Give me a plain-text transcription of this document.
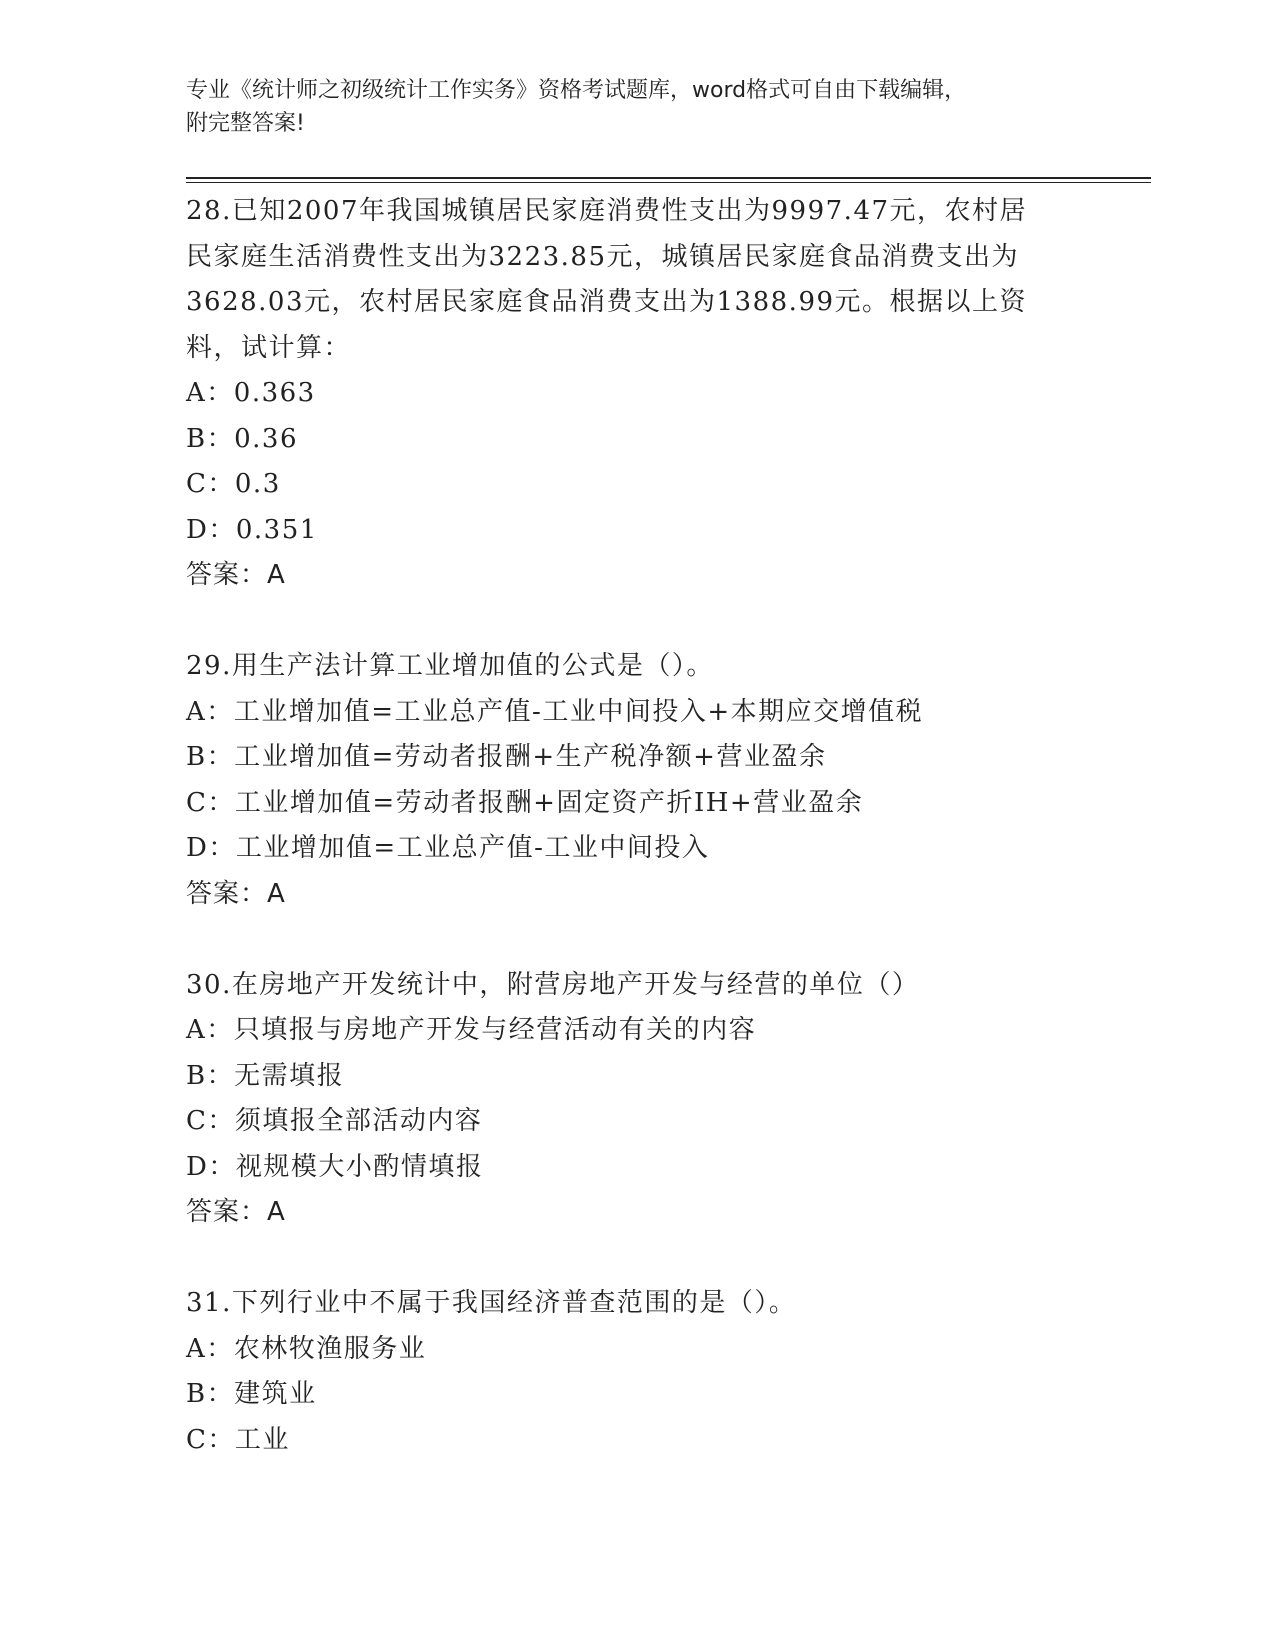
专业《统计师之初级统计工作实务》资格考试题库，word格式可自由下载编辑，
附完整答案!
28.已知2007年我国城镇居民家庭消费性支出为9997.47元，农村居
民家庭生活消费性支出为3223.85元，城镇居民家庭食品消费支出为
3628.03元，农村居民家庭食品消费支出为1388.99元。根据以上资
料，试计算：
A：0.363
B：0.36
C：0.3
D：0.351
答案：A
29.用生产法计算工业增加值的公式是（）。
A：工业增加值=工业总产值-工业中间投入+本期应交增值税
B：工业增加值=劳动者报酬+生产税净额+营业盈余
C：工业增加值=劳动者报酬+固定资产折IH+营业盈余
D：工业增加值=工业总产值-工业中间投入
答案：A
30.在房地产开发统计中，附营房地产开发与经营的单位（）
A：只填报与房地产开发与经营活动有关的内容
B：无需填报
C：须填报全部活动内容
D：视规模大小酌情填报
答案：A
31.下列行业中不属于我国经济普查范围的是（）。
A：农林牧渔服务业
B：建筑业
C：工业
